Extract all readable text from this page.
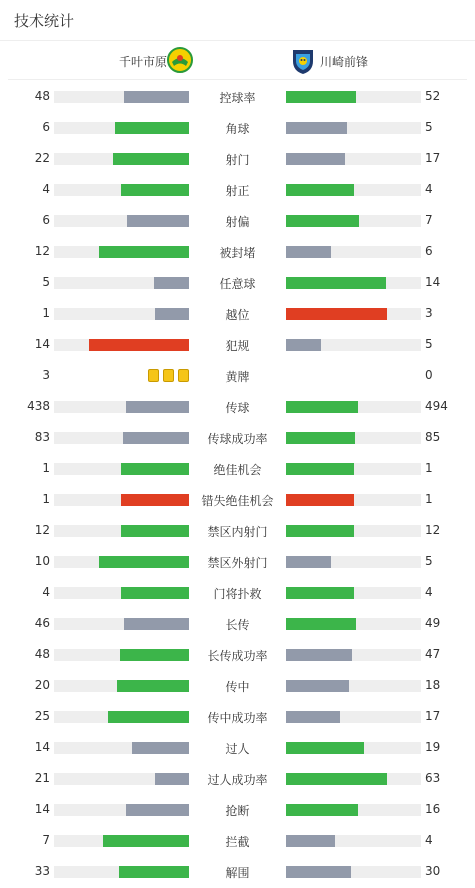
技术统计
千叶市原	川崎前锋
48	控球率	52
6	角球	5
22	射门	17
4	射正	4
6	射偏	7
12	被封堵	6
5	任意球	14
1	越位	3
14	犯规	5
3	黄牌	0
438	传球	494
83	传球成功率	85
1	绝佳机会	1
1	错失绝佳机会	1
12	禁区内射门	12
10	禁区外射门	5
4	门将扑救	4
46	长传	49
48	长传成功率	47
20	传中	18
25	传中成功率	17
14	过人	19
21	过人成功率	63
14	抢断	16
7	拦截	4
33	解围	30
